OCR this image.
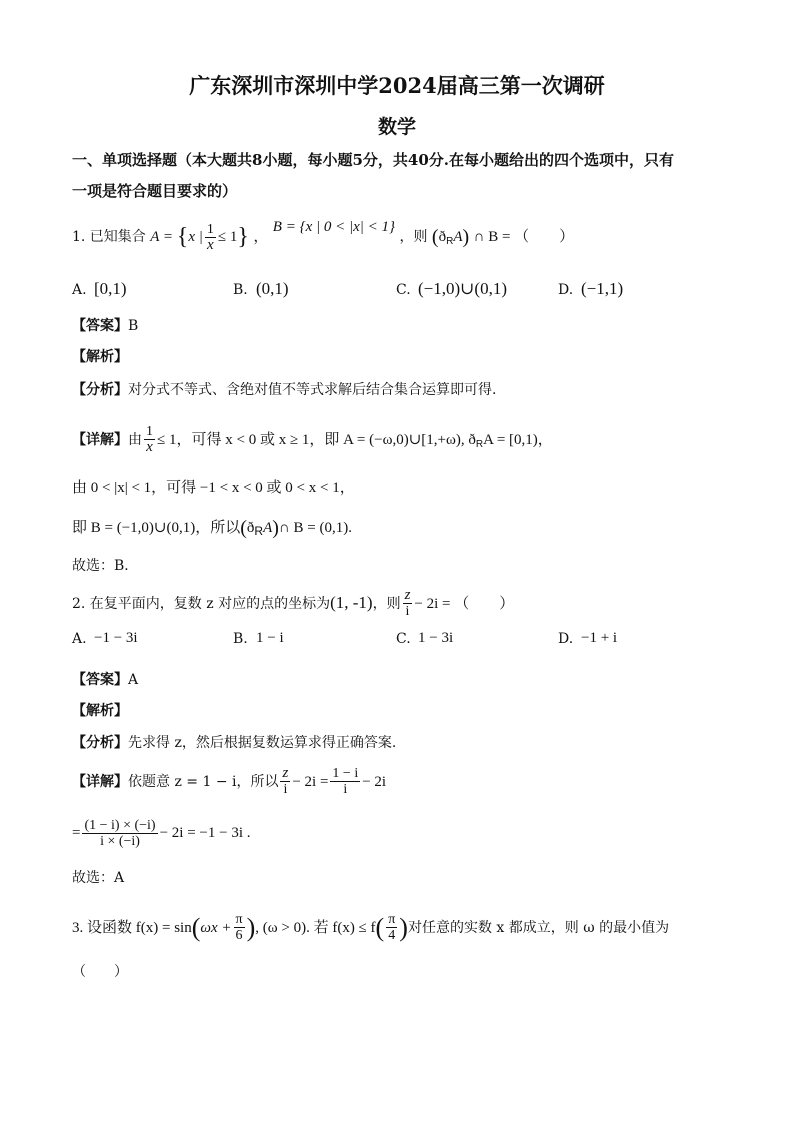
广东深圳市深圳中学2024届高三第一次调研
数学
一、单项选择题（本大题共8小题，每小题5分，共40分.在每小题给出的四个选项中，只有
一项是符合题目要求的）
1. 已知集合 A = {x | $\frac{1}{x} \le 1$} ， B = {x | 0 < |x| < 1} ，则 $(ð_RA)$ ∩ B = （　　）
A. [0,1)	B. (0,1)	C. (−1,0)∪(0,1)	D. (−1,1)
【答案】B
【解析】
【分析】对分式不等式、含绝对值不等式求解后结合集合运算即可得.
【详解】由 $\frac{1}{x} \le 1$，可得 x < 0 或 x ≥ 1，即 A = (−ω,0)∪[1,+ω), $ð_RA = [0,1)$，
由 0 < |x| < 1，可得 −1 < x < 0 或 0 < x < 1，
即 B = (−1,0)∪(0,1)，所以(ðRA)∩ B = (0,1).
故选：B．
2. 在复平面内，复数 z 对应的点的坐标为(1, -1)，则 $\frac{z}{i} - 2i$ = （　　）
A. −1 − 3i	B. 1 − i	C. 1 − 3i	D. −1 + i
【答案】A
【解析】
【分析】先求得 z，然后根据复数运算求得正确答案.
【详解】依题意 z = 1 − i，所以 $\frac{z}{i} - 2i = \frac{1 - i}{i} - 2i$
= $\frac{(1 - i) \times (-i)}{i \times (-i)} - 2i = -1 - 3i$ .
故选：A
3. 设函数 $f(x) = \sin(\omega x + \frac{\pi}{6}$ ), (ω > 0). 若 $f(x) \le f( \frac{\pi}{4}$ )对任意的实数 x 都成立，则 ω 的最小值为
（　　）
